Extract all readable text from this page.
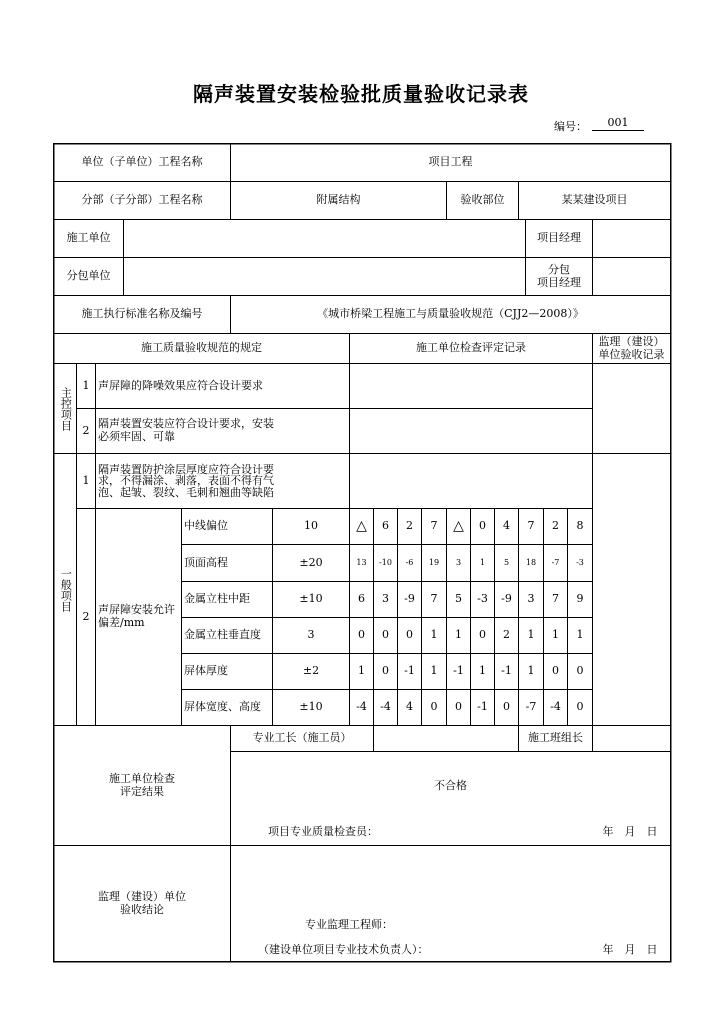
隔声装置安装检验批质量验收记录表
编号：	001
单位（子单位）工程名称	项目工程
分部（子分部）工程名称	附属结构	验收部位	某某建设项目
施工单位	项目经理
分包单位	分包
项目经理
施工执行标准名称及编号	《城市桥梁工程施工与质量验收规范（CJJ2—2008）》
施工质量验收规范的规定	施工单位检查评定记录	监理（建设）
单位验收记录
主控项目
1 声屏障的降噪效果应符合设计要求
2 隔声装置安装应符合设计要求，安装必须牢固、可靠
一般项目
1
隔声装置防护涂层厚度应符合设计要求，不得漏涂、剥落，表面不得有气泡、起皱、裂纹、毛刺和翘曲等缺陷
2 声屏障安装允许偏差/mm
中线偏位	10	△	6	2	7	△	0	4	7	2	8
顶面高程	±20	13	-10	-6	19	3	1	5	18	-7	-3
金属立柱中距	±10	6	3	-9	7	5	-3	-9	3	7	9
金属立柱垂直度	3	0	0	0	1	1	0	2	1	1	1
屏体厚度	±2	1	0	-1	1	-1	1	-1	1	0	0
屏体宽度、高度	±10	-4	-4	4	0	0	-1	0	-7	-4	0
专业工长（施工员）	施工班组长
施工单位检查
评定结果	不合格
项目专业质量检查员：	年　月　日
监理（建设）单位
验收结论
专业监理工程师：
（建设单位项目专业技术负责人）：	年　月　日
